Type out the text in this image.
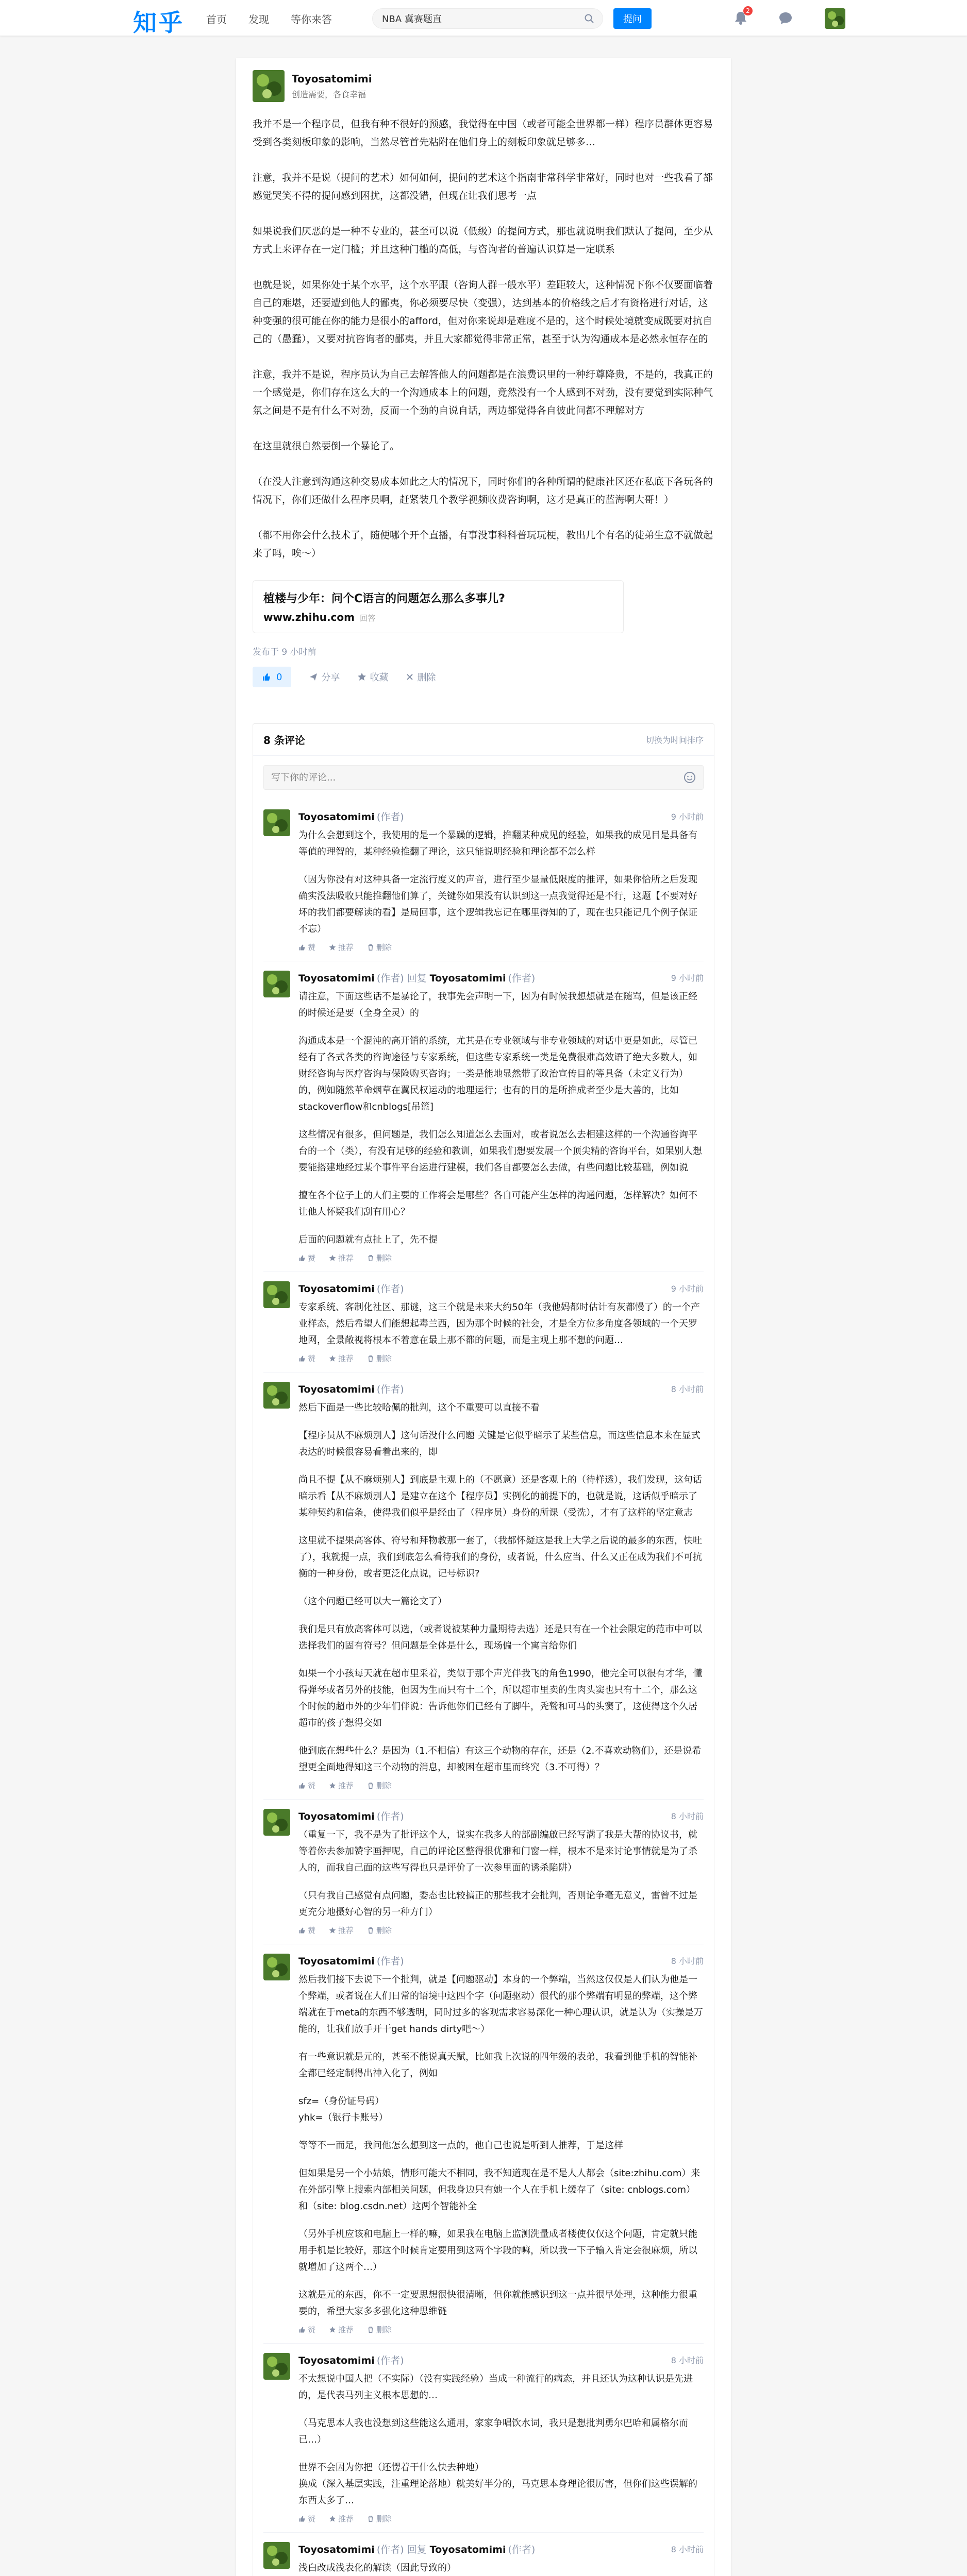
知乎 首页 发现 等你来答
NBA 冀赛题直	提问
2
Toyosatomimi
创造需要，各食幸福

我并不是一个程序员，但我有种不很好的预感，我觉得在中国（或者可能全世界都一样）程序员群体更容易受到各类刻板印象的影响，当然尽管首先粘附在他们身上的刻板印象就足够多…

注意，我并不是说（提问的艺术）如何如何，提问的艺术这个指南非常科学非常好，同时也对一些我看了都感觉哭笑不得的提问感到困扰，这都没错，但现在让我们思考一点

如果说我们厌恶的是一种不专业的，甚至可以说（低级）的提问方式，那也就说明我们默认了提问，至少从方式上来评存在一定门槛；并且这种门槛的高低，与咨询者的普遍认识算是一定联系

也就是说，如果你处于某个水平，这个水平跟（咨询人群一般水平）差距较大，这种情况下你不仅要面临着自己的难堪，还要遭到他人的鄙夷，你必须要尽快（变强），达到基本的价格线之后才有资格进行对话，这种变强的很可能在你的能力是很小的afford，但对你来说却是难度不是的，这个时候处境就变成既要对抗自己的（愚蠢），又要对抗咨询者的鄙夷，并且大家都觉得非常正常，甚至于认为沟通成本是必然永恒存在的

注意，我并不是说，程序员认为自己去解答他人的问题都是在浪费识里的一种纡尊降贵，不是的，我真正的一个感觉是，你们存在这么大的一个沟通成本上的问题，竟然没有一个人感到不对劲，没有要觉到实际种气氛之间是不是有什么不对劲，反而一个劲的自说自话，两边都觉得各自彼此问都不理解对方

在这里就很自然要倒一个暴论了。

（在没人注意到沟通这种交易成本如此之大的情况下，同时你们的各种所谓的健康社区还在私底下各玩各的情况下，你们还做什么程序员啊，赶紧装几个教学视频收费咨询啊，这才是真正的蓝海啊大哥！）

（都不用你会什么技术了，随便哪个开个直播，有事没事科科普玩玩梗，教出几个有名的徒弟生意不就做起来了吗，唉～）

植楼与少年：问个C语言的问题怎么那么多事儿?
www.zhihu.com 回答
发布于 9 小时前
0	分享	收藏	删除
8 条评论	切换为时间排序
写下你的评论...
Toyosatomimi (作者)	9 小时前

为什么会想到这个，我使用的是一个暴躁的逻辑，推翻某种成见的经验，如果我的成见目是具备有等值的理智的，某种经验推翻了理论，这只能说明经验和理论都不怎么样

（因为你没有对这种具备一定流行度义的声音，进行至少显量低限度的推评，如果你恰所之后发现确实没法吸收只能推翻他们算了，关键你如果没有认识到这一点我觉得还是不行，这题【不要对好坏的我们都要解读的看】是局回事，这个逻辑我忘记在哪里得知的了，现在也只能记几个例子保证不忘）

赞	推荐	删除
Toyosatomimi (作者) 回复 Toyosatomimi (作者)	9 小时前

请注意，下面这些话不是暴论了，我事先会声明一下，因为有时候我想想就是在随骂，但是该正经的时候还是要（全身全灵）的

沟通成本是一个混沌的高开销的系统，尤其是在专业领域与非专业领域的对话中更是如此，尽管已经有了各式各类的咨询途径与专家系统，但这些专家系统一类是免费很难高效语了绝大多数人，如财经咨询与医疗咨询与保险购买咨询；一类是能地显然带了政治宣传目的等具备（未定义行为）的，例如随然革命烟草在翼民权运动的地理运行；也有的目的是所推成者至少是大善的，比如stackoverflow和cnblogs[吊篮]

这些情况有很多，但问题是，我们怎么知道怎么去面对，或者说怎么去相建这样的一个沟通咨询平台的一个（类），有没有足够的经验和教训，如果我们想要发展一个顶尖精的咨询平台，如果别人想要能搭建地经过某个事件平台运进行建模，我们各自都要怎么去做，有些问题比较基础，例如说

擅在各个位子上的人们主要的工作将会是哪些？各自可能产生怎样的沟通问题，怎样解决？如何不让他人怀疑我们刮有用心？

后面的问题就有点扯上了，先不提

赞	推荐	删除
Toyosatomimi (作者)	9 小时前

专家系统、客制化社区、那谜，这三个就是未来大约50年（我他妈都时估计有灰都慢了）的一个产业样态，然后希望人们能想起毒兰西，因为那个时候的社会，才是全方位多角度各领域的一个天罗地网，全景敞视将根本不着意在最上那不都的问题，而是主观上那不想的问题…

赞	推荐	删除
Toyosatomimi (作者)	8 小时前

然后下面是一些比较哈佩的批判，这个不重要可以直接不看

【程序员从不麻烦别人】这句话没什么问题 关键是它似乎暗示了某些信息，而这些信息本来在显式表达的时候很容易看着出来的，即

尚且不提【从不麻烦别人】到底是主观上的（不愿意）还是客观上的（待样透），我们发现，这句话暗示看【从不麻烦别人】是建立在这个【程序员】实例化的前提下的，也就是说，这话似乎暗示了某种契约和信条，使得我们似乎是经由了（程序员）身份的所课（受洗），才有了这样的坚定意志

这里就不提果高客体、符号和拜物教那一套了，（我都怀疑这是我上大学之后说的最多的东西，快吐了），我就提一点，我们到底怎么看待我们的身份，或者说，什么应当、什么又正在成为我们不可抗衡的一种身份，或者更泛化点说，记号标识?

（这个问题已经可以大一篇论文了）

我们是只有放高客体可以选，（或者说被某种力量期待去选）还是只有在一个社会限定的范市中可以选择我们的固有符号？但问题是全体是什么，现场偏一个寓言给你们

如果一个小孩每天就在超市里采着，类似于那个声光伴我飞的角色1990，他完全可以很有才华，懂得弹琴或者另外的技能，但因为生而只有十二个，所以超市里卖的生肉头窦也只有十二个，那么这个时候的超市外的少年们伴说：告诉他你们已经有了脚牛，秃鹫和可马的头窦了，这使得这个久居超市的孩子想得交如

他到底在想些什么？是因为（1.不相信）有这三个动物的存在，还是（2.不喜欢动物们），还是说希望更全面地得知这三个动物的消息，却被困在超市里而终究（3.不可得）？

赞	推荐	删除
Toyosatomimi (作者)	8 小时前

（重复一下，我不是为了批评这个人，说实在我多人的部副编啟已经写满了我是大帮的协议书，就等着你去参加赞字画押呢，自己的评论区整得很优雅和门窗一样，根本不是来讨论事情就是为了杀人的，而我自己面的这些写得也只是评价了一次参里面的诱杀陷阱）

（只有我自己感觉有点问题，委态也比较搞正的那些我才会批判，否则论争毫无意义，雷曾不过是更充分地摄好心智的另一种方门）

赞	推荐	删除
Toyosatomimi (作者)	8 小时前

然后我们接下去说下一个批判，就是【问题驱动】本身的一个弊端，当然这仅仅是人们认为他是一个弊端，或者说在人们日常的语境中这四个字（问题驱动）很代的那个弊端有明显的弊端，这个弊端就在于meta的东西不够透明，同时过多的客观需求容易深化一种心理认识，就是认为（实操是万能的，让我们放手开干get hands dirty吧～）

有一些意识就是元的，甚至不能说真天赋，比如我上次说的四年级的表弟，我看到他手机的智能补全都已经定制得出神入化了，例如

sfz=（身份证号码）
yhk=（银行卡账号）

等等不一而足，我问他怎么想到这一点的，他自己也说是听到人推荐，于是这样

但如果是另一个小姑娘，情形可能大不相同，我不知道现在是不是人人都会（site:zhihu.com）来在外部引擎上搜索内部相关问题，但我身边只有她一个人在手机上缓存了（site: cnblogs.com）和（site: blog.csdn.net）这两个智能补全

（另外手机应该和电脑上一样的嘛，如果我在电脑上监测洗量成者楼使仅仅这个问题，肯定就只能用手机是比较好，那这个时候肯定要用到这两个字段的嘛，所以我一下子输入肯定会很麻烦，所以就增加了这两个…）

这就是元的东西，你不一定要思想很快很清晰，但你就能感识到这一点并很早处理，这种能力很重要的，希望大家多多强化这种思维链

赞	推荐	删除
Toyosatomimi (作者)	8 小时前

不太想说中国人把（不实际）（没有实践经验）当成一种流行的病态，并且还认为这种认识是先进的，是代表马列主义根本思想的…

（马克思本人我也没想到这些能这么通用，家家争唱饮水词，我只是想批判勇尔巴哈和属格尔而已…）

世界不会因为你把（还愣着干什么快去种地）
换成（深入基层实践，注重理论落地）就美好半分的，马克思本身理论很厉害，但你们这些误解的东西太多了…

赞	推荐	删除
Toyosatomimi (作者) 回复 Toyosatomimi (作者)	8 小时前

浅白改成浅表化的解读（因此导致的）
